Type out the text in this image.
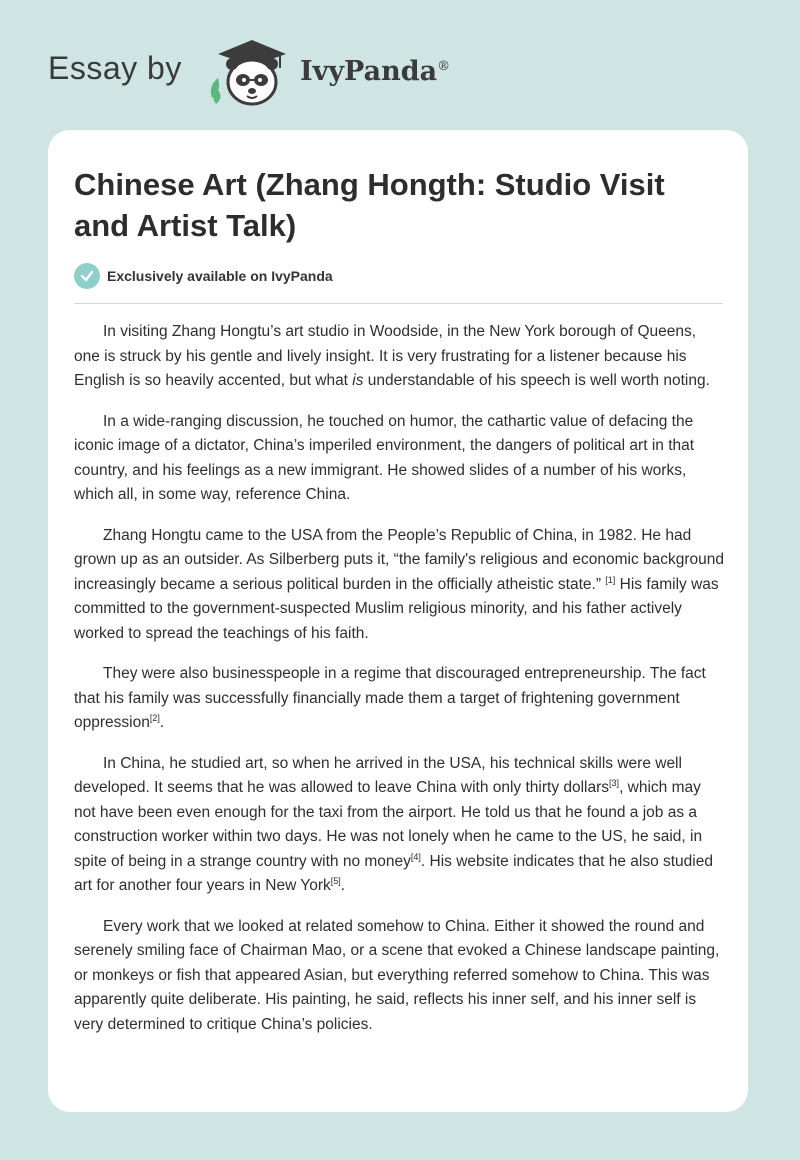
Essay by	IvyPanda®
Chinese Art (Zhang Hongth: Studio Visit and Artist Talk)
Exclusively available on IvyPanda

In visiting Zhang Hongtu’s art studio in Woodside, in the New York borough of Queens, one is struck by his gentle and lively insight. It is very frustrating for a listener because his English is so heavily accented, but what is understandable of his speech is well worth noting.

In a wide-ranging discussion, he touched on humor, the cathartic value of defacing the iconic image of a dictator, China’s imperiled environment, the dangers of political art in that country, and his feelings as a new immigrant. He showed slides of a number of his works, which all, in some way, reference China.

Zhang Hongtu came to the USA from the People’s Republic of China, in 1982. He had grown up as an outsider. As Silberberg puts it, “the family's religious and economic background increasingly became a serious political burden in the officially atheistic state.” [1] His family was committed to the government-suspected Muslim religious minority, and his father actively worked to spread the teachings of his faith.

They were also businesspeople in a regime that discouraged entrepreneurship. The fact that his family was successfully financially made them a target of frightening government oppression[2].

In China, he studied art, so when he arrived in the USA, his technical skills were well developed. It seems that he was allowed to leave China with only thirty dollars[3], which may not have been even enough for the taxi from the airport. He told us that he found a job as a construction worker within two days. He was not lonely when he came to the US, he said, in spite of being in a strange country with no money[4]. His website indicates that he also studied art for another four years in New York[5].

Every work that we looked at related somehow to China. Either it showed the round and serenely smiling face of Chairman Mao, or a scene that evoked a Chinese landscape painting, or monkeys or fish that appeared Asian, but everything referred somehow to China. This was apparently quite deliberate. His painting, he said, reflects his inner self, and his inner self is very determined to critique China’s policies.
